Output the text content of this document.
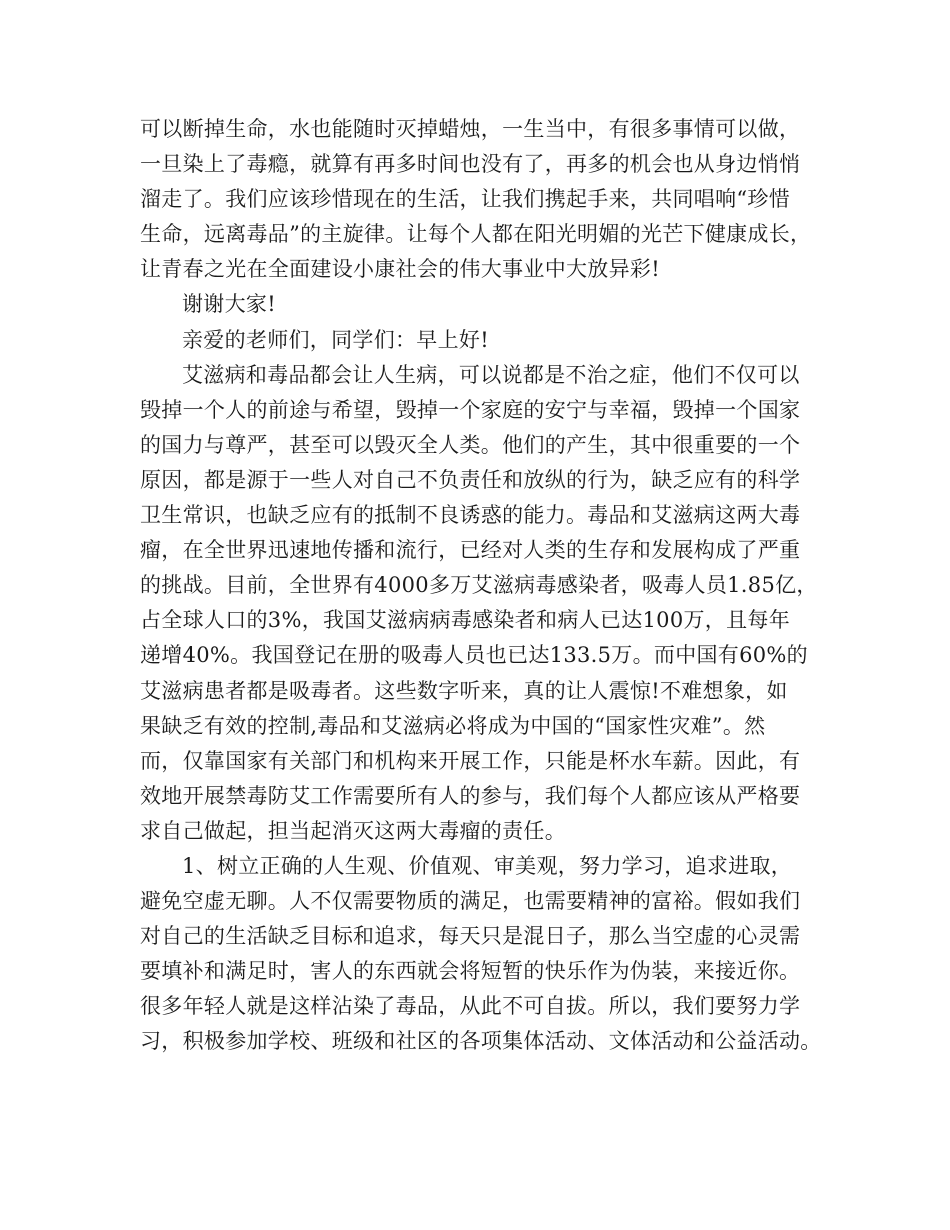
可以断掉生命，水也能随时灭掉蜡烛，一生当中，有很多事情可以做，
一旦染上了毒瘾，就算有再多时间也没有了，再多的机会也从身边悄悄
溜走了。我们应该珍惜现在的生活，让我们携起手来，共同唱响“珍惜
生命，远离毒品”的主旋律。让每个人都在阳光明媚的光芒下健康成长，
让青春之光在全面建设小康社会的伟大事业中大放异彩!
谢谢大家!
亲爱的老师们，同学们：早上好!
艾滋病和毒品都会让人生病，可以说都是不治之症，他们不仅可以
毁掉一个人的前途与希望，毁掉一个家庭的安宁与幸福，毁掉一个国家
的国力与尊严，甚至可以毁灭全人类。他们的产生，其中很重要的一个
原因，都是源于一些人对自己不负责任和放纵的行为，缺乏应有的科学
卫生常识，也缺乏应有的抵制不良诱惑的能力。毒品和艾滋病这两大毒
瘤，在全世界迅速地传播和流行，已经对人类的生存和发展构成了严重
的挑战。目前，全世界有4000多万艾滋病毒感染者，吸毒人员1.85亿，
占全球人口的3%，我国艾滋病病毒感染者和病人已达100万，且每年
递增40%。我国登记在册的吸毒人员也已达133.5万。而中国有60%的
艾滋病患者都是吸毒者。这些数字听来，真的让人震惊!不难想象，如
果缺乏有效的控制,毒品和艾滋病必将成为中国的“国家性灾难”。然
而，仅靠国家有关部门和机构来开展工作，只能是杯水车薪。因此，有
效地开展禁毒防艾工作需要所有人的参与，我们每个人都应该从严格要
求自己做起，担当起消灭这两大毒瘤的责任。
1、树立正确的人生观、价值观、审美观，努力学习，追求进取，
避免空虚无聊。人不仅需要物质的满足，也需要精神的富裕。假如我们
对自己的生活缺乏目标和追求，每天只是混日子，那么当空虚的心灵需
要填补和满足时，害人的东西就会将短暂的快乐作为伪装，来接近你。
很多年轻人就是这样沾染了毒品，从此不可自拔。所以，我们要努力学
习，积极参加学校、班级和社区的各项集体活动、文体活动和公益活动。
